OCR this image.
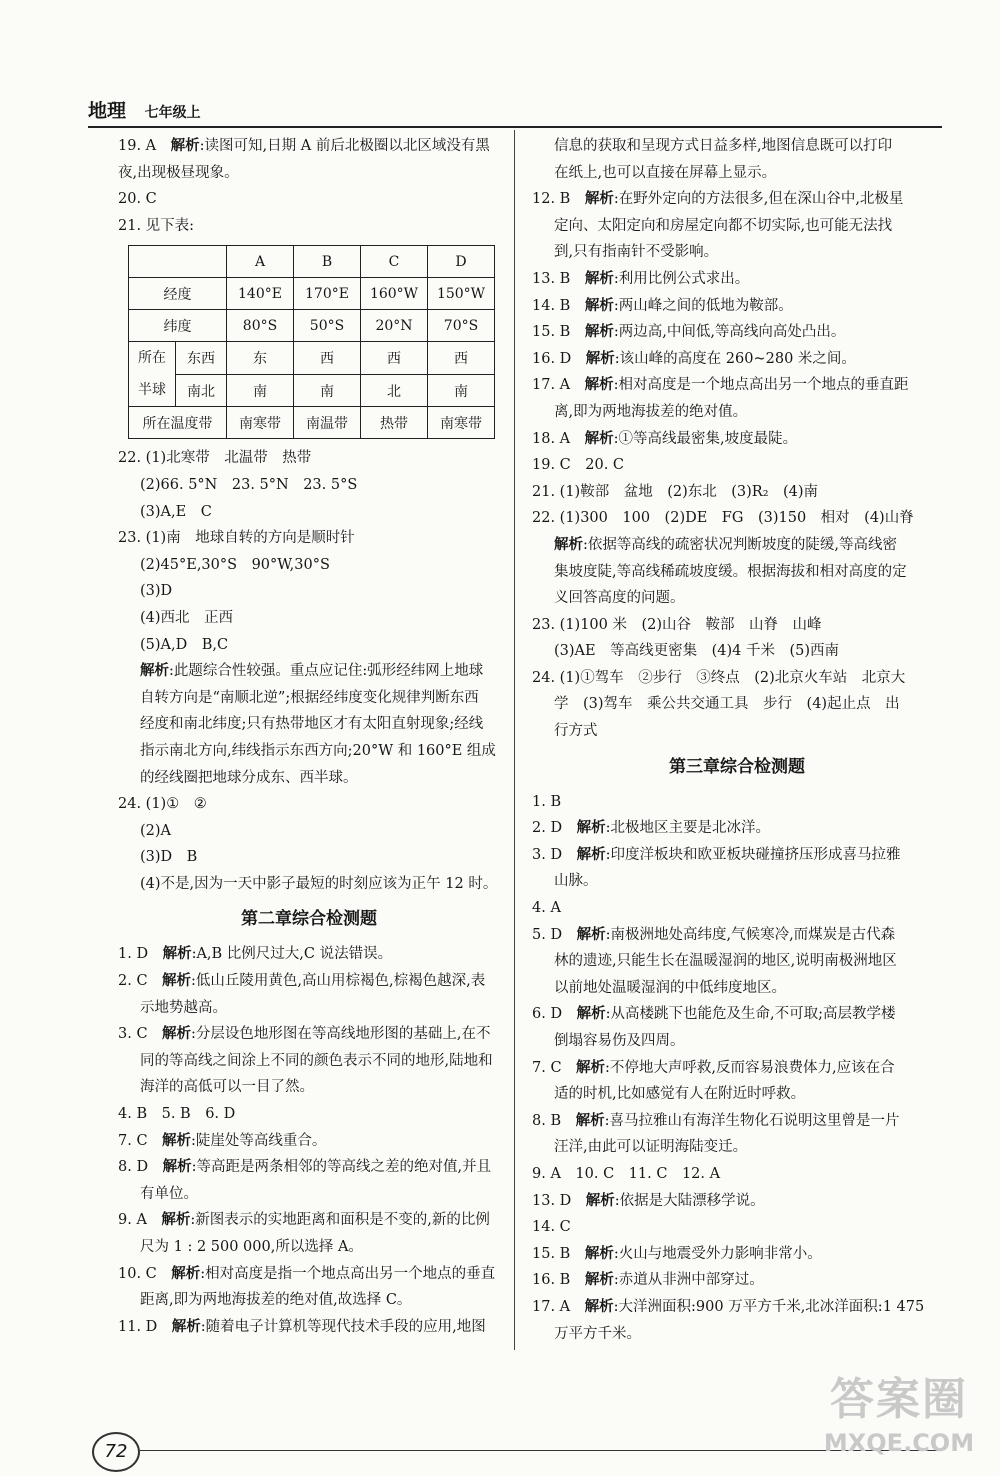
地理 七年级上
19. A　解析:读图可知,日期 A 前后北极圈以北区域没有黑
夜,出现极昼现象。
20. C
21. 见下表:
		A	B	C	D
经度		140°E	170°E	160°W	150°W
纬度		80°S	50°S	20°N	70°S
所在
半球	东西	东	西	西	西
	南北	南	南	北	南
所在温度带		南寒带	南温带	热带	南寒带
22. (1)北寒带　北温带　热带
(2)66. 5°N　23. 5°N　23. 5°S
(3)A,E　C
23. (1)南　地球自转的方向是顺时针
(2)45°E,30°S　90°W,30°S
(3)D
(4)西北　正西
(5)A,D　B,C
解析:此题综合性较强。重点应记住:弧形经纬网上地球
自转方向是“南顺北逆”;根据经纬度变化规律判断东西
经度和南北纬度;只有热带地区才有太阳直射现象;经线
指示南北方向,纬线指示东西方向;20°W 和 160°E 组成
的经线圈把地球分成东、西半球。
24. (1)①　②
(2)A
(3)D　B
(4)不是,因为一天中影子最短的时刻应该为正午 12 时。
第二章综合检测题
1. D　解析:A,B 比例尺过大,C 说法错误。
2. C　解析:低山丘陵用黄色,高山用棕褐色,棕褐色越深,表
示地势越高。
3. C　解析:分层设色地形图在等高线地形图的基础上,在不
同的等高线之间涂上不同的颜色表示不同的地形,陆地和
海洋的高低可以一目了然。
4. B　5. B　6. D
7. C　解析:陡崖处等高线重合。
8. D　解析:等高距是两条相邻的等高线之差的绝对值,并且
有单位。
9. A　解析:新图表示的实地距离和面积是不变的,新的比例
尺为 1 : 2 500 000,所以选择 A。
10. C　解析:相对高度是指一个地点高出另一个地点的垂直
距离,即为两地海拔差的绝对值,故选择 C。
11. D　解析:随着电子计算机等现代技术手段的应用,地图
信息的获取和呈现方式日益多样,地图信息既可以打印
在纸上,也可以直接在屏幕上显示。
12. B　解析:在野外定向的方法很多,但在深山谷中,北极星
定向、太阳定向和房屋定向都不切实际,也可能无法找
到,只有指南针不受影响。
13. B　解析:利用比例公式求出。
14. B　解析:两山峰之间的低地为鞍部。
15. B　解析:两边高,中间低,等高线向高处凸出。
16. D　解析:该山峰的高度在 260~280 米之间。
17. A　解析:相对高度是一个地点高出另一个地点的垂直距
离,即为两地海拔差的绝对值。
18. A　解析:①等高线最密集,坡度最陡。
19. C　20. C
21. (1)鞍部　盆地　(2)东北　(3)R₂　(4)南
22. (1)300　100　(2)DE　FG　(3)150　相对　(4)山脊
解析:依据等高线的疏密状况判断坡度的陡缓,等高线密
集坡度陡,等高线稀疏坡度缓。根据海拔和相对高度的定
义回答高度的问题。
23. (1)100 米　(2)山谷　鞍部　山脊　山峰
(3)AE　等高线更密集　(4)4 千米　(5)西南
24. (1)①驾车　②步行　③终点　(2)北京火车站　北京大
学　(3)驾车　乘公共交通工具　步行　(4)起止点　出
行方式
第三章综合检测题
1. B
2. D　解析:北极地区主要是北冰洋。
3. D　解析:印度洋板块和欧亚板块碰撞挤压形成喜马拉雅
山脉。
4. A
5. D　解析:南极洲地处高纬度,气候寒冷,而煤炭是古代森
林的遗迹,只能生长在温暖湿润的地区,说明南极洲地区
以前地处温暖湿润的中低纬度地区。
6. D　解析:从高楼跳下也能危及生命,不可取;高层教学楼
倒塌容易伤及四周。
7. C　解析:不停地大声呼救,反而容易浪费体力,应该在合
适的时机,比如感觉有人在附近时呼救。
8. B　解析:喜马拉雅山有海洋生物化石说明这里曾是一片
汪洋,由此可以证明海陆变迁。
9. A　10. C　11. C　12. A
13. D　解析:依据是大陆漂移学说。
14. C
15. B　解析:火山与地震受外力影响非常小。
16. B　解析:赤道从非洲中部穿过。
17. A　解析:大洋洲面积:900 万平方千米,北冰洋面积:1 475
万平方千米。
72
答案圈
MXQE.COM
